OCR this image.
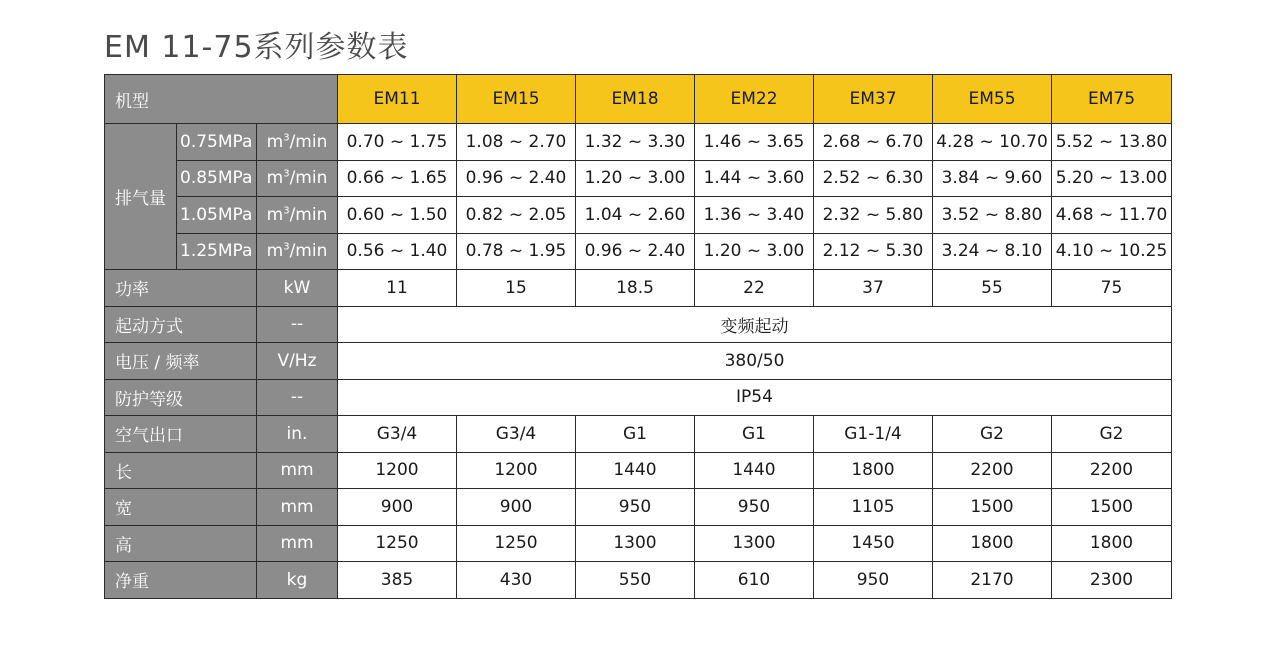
EM 11-75系列参数表
机型			EM11	EM15	EM18	EM22	EM37	EM55	EM75
排气量	0.75MPa	$m^3/\min$	0.70 ~ 1.75	1.08 ~ 2.70	1.32 ~ 3.30	1.46 ~ 3.65	2.68 ~ 6.70	4.28 ~ 10.70	5.52 ~ 13.80
	0.85MPa	$m^3/\min$	0.66 ~ 1.65	0.96 ~ 2.40	1.20 ~ 3.00	1.44 ~ 3.60	2.52 ~ 6.30	3.84 ~ 9.60	5.20 ~ 13.00
	1.05MPa	$m^3/\min$	0.60 ~ 1.50	0.82 ~ 2.05	1.04 ~ 2.60	1.36 ~ 3.40	2.32 ~ 5.80	3.52 ~ 8.80	4.68 ~ 11.70
	1.25MPa	$m^3/\min$	0.56 ~ 1.40	0.78 ~ 1.95	0.96 ~ 2.40	1.20 ~ 3.00	2.12 ~ 5.30	3.24 ~ 8.10	4.10 ~ 10.25
功率		kW	11	15	18.5	22	37	55	75
起动方式		--	变频起动						
电压 / 频率		V/Hz	380/50						
防护等级		--	IP54						
空气出口		in.	G3/4	G3/4	G1	G1	G1-1/4	G2	G2
长		mm	1200	1200	1440	1440	1800	2200	2200
宽		mm	900	900	950	950	1105	1500	1500
高		mm	1250	1250	1300	1300	1450	1800	1800
净重		kg	385	430	550	610	950	2170	2300
